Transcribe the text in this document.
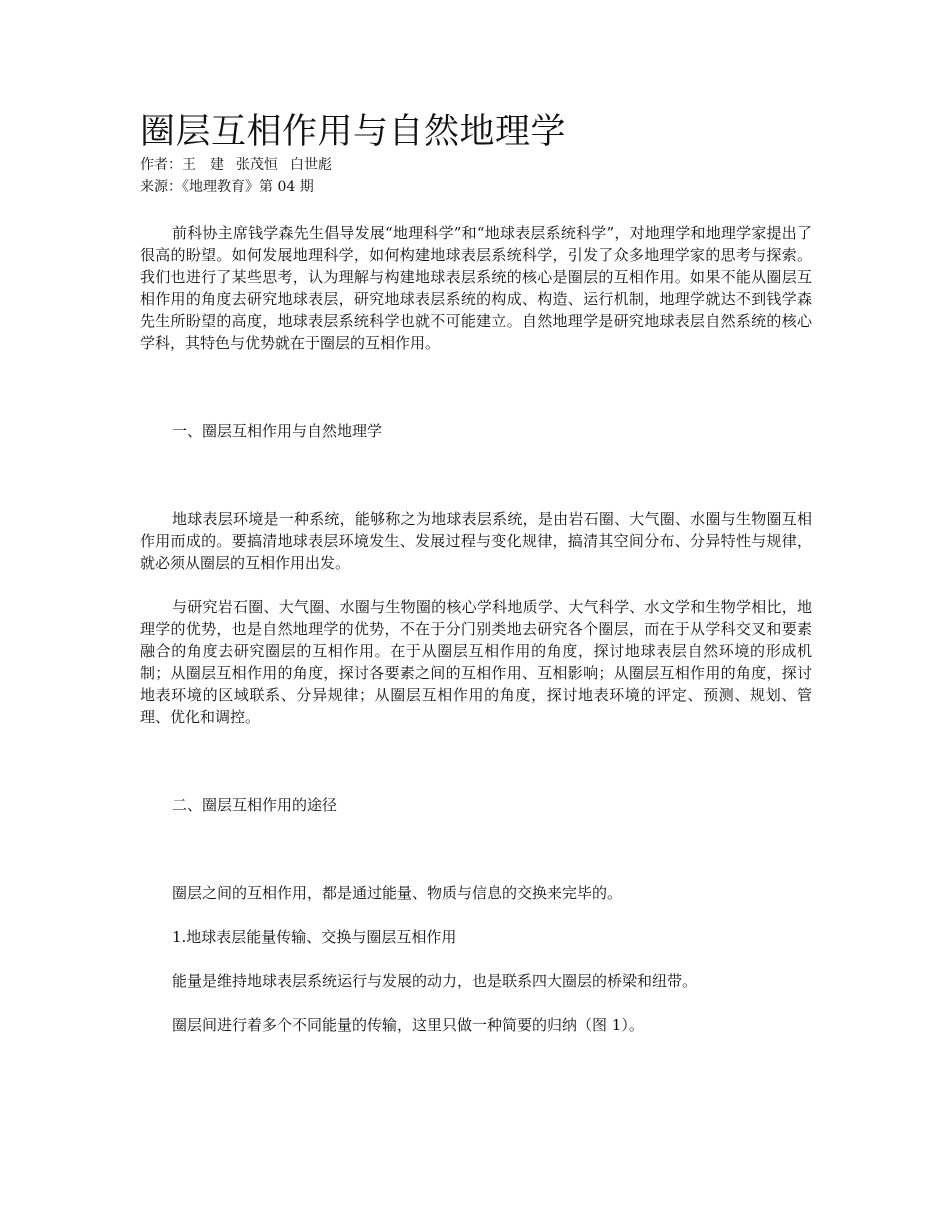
圈层互相作用与自然地理学

作者：王　建 张茂恒 白世彪

来源：《地理教育》第 04 期

前科协主席钱学森先生倡导发展“地理科学”和“地球表层系统科学”，对地理学和地理学家提出了很高的盼望。如何发展地理科学，如何构建地球表层系统科学，引发了众多地理学家的思考与探索。我们也进行了某些思考，认为理解与构建地球表层系统的核心是圈层的互相作用。如果不能从圈层互相作用的角度去研究地球表层，研究地球表层系统的构成、构造、运行机制，地理学就达不到钱学森先生所盼望的高度，地球表层系统科学也就不可能建立。自然地理学是研究地球表层自然系统的核心学科，其特色与优势就在于圈层的互相作用。

一、圈层互相作用与自然地理学

地球表层环境是一种系统，能够称之为地球表层系统，是由岩石圈、大气圈、水圈与生物圈互相作用而成的。要搞清地球表层环境发生、发展过程与变化规律，搞清其空间分布、分异特性与规律，就必须从圈层的互相作用出发。

与研究岩石圈、大气圈、水圈与生物圈的核心学科地质学、大气科学、水文学和生物学相比，地理学的优势，也是自然地理学的优势，不在于分门别类地去研究各个圈层，而在于从学科交叉和要素融合的角度去研究圈层的互相作用。在于从圈层互相作用的角度，探讨地球表层自然环境的形成机制；从圈层互相作用的角度，探讨各要素之间的互相作用、互相影响；从圈层互相作用的角度，探讨地表环境的区域联系、分异规律；从圈层互相作用的角度，探讨地表环境的评定、预测、规划、管理、优化和调控。

二、圈层互相作用的途径

圈层之间的互相作用，都是通过能量、物质与信息的交换来完毕的。

1.地球表层能量传输、交换与圈层互相作用

能量是维持地球表层系统运行与发展的动力，也是联系四大圈层的桥梁和纽带。

圈层间进行着多个不同能量的传输，这里只做一种简要的归纳（图 1）。
